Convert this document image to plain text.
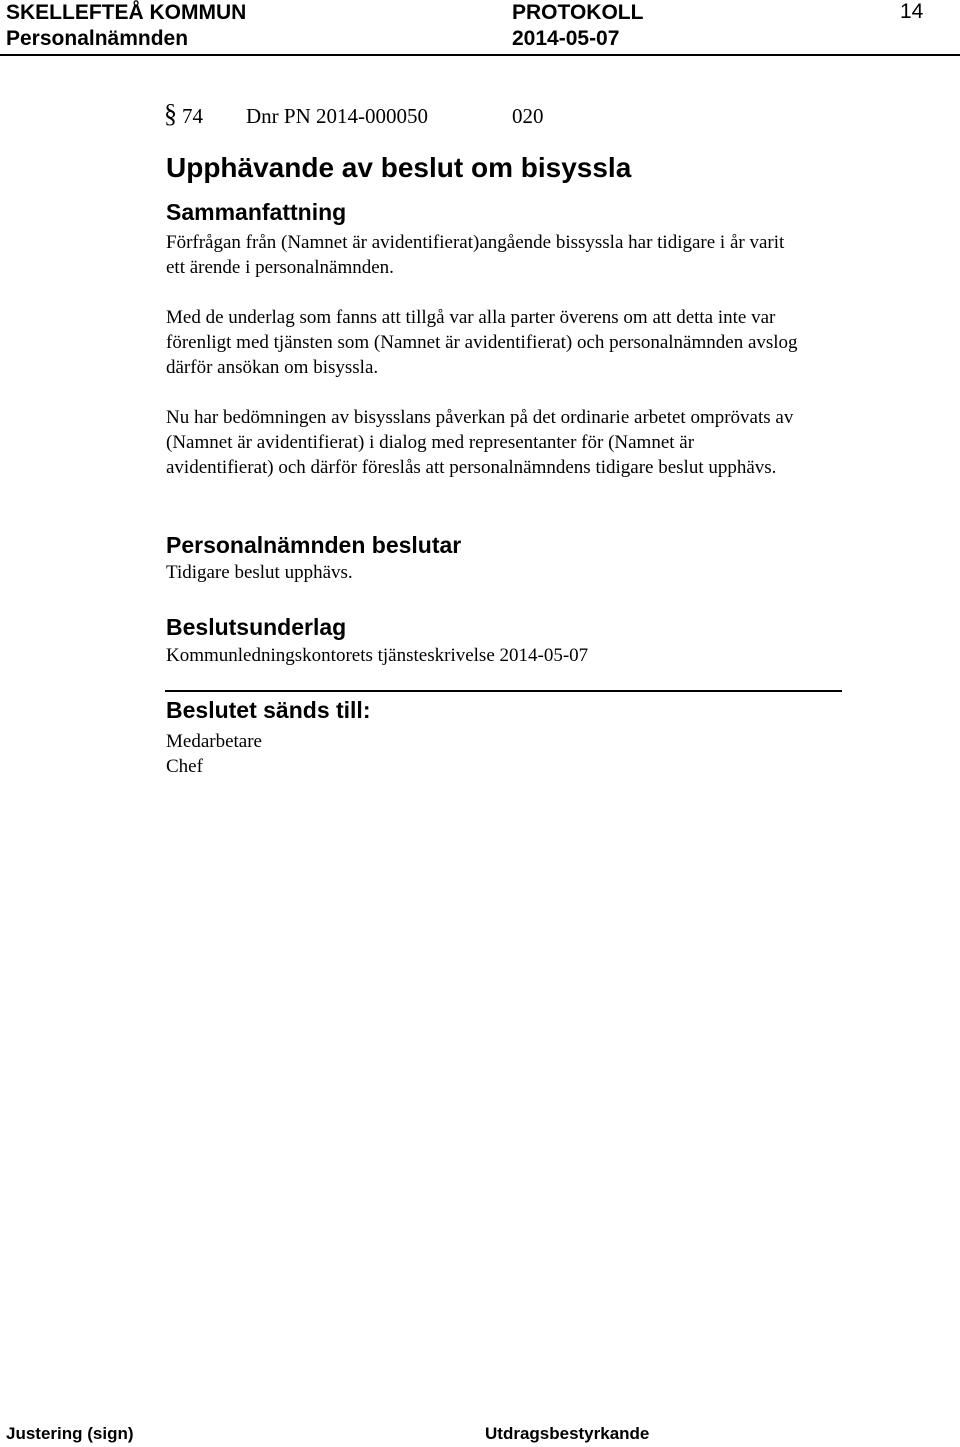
SKELLEFTEÅ KOMMUN	PROTOKOLL	14
Personalnämnden	2014-05-07
§ 74 Dnr PN 2014-000050	020
Upphävande av beslut om bisyssla
Sammanfattning

Förfrågan från (Namnet är avidentifierat)angående bissyssla har tidigare i år varit ett ärende i personalnämnden.

Med de underlag som fanns att tillgå var alla parter överens om att detta inte var förenligt med tjänsten som (Namnet är avidentifierat) och personalnämnden avslog därför ansökan om bisyssla.

Nu har bedömningen av bisysslans påverkan på det ordinarie arbetet omprövats av (Namnet är avidentifierat) i dialog med representanter för (Namnet är avidentifierat) och därför föreslås att personalnämndens tidigare beslut upphävs.

Personalnämnden beslutar
Tidigare beslut upphävs.
Beslutsunderlag
Kommunledningskontorets tjänsteskrivelse 2014-05-07
Beslutet sänds till:
Medarbetare
Chef
Justering (sign)	Utdragsbestyrkande
